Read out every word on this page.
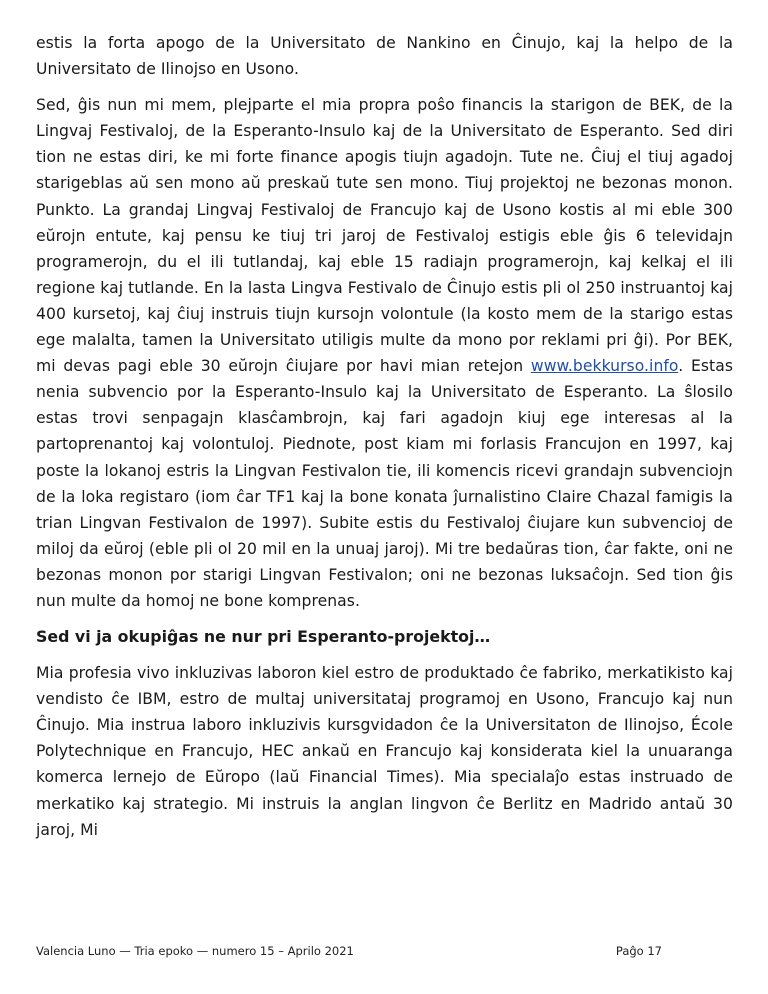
estis la forta apogo de la Universitato de Nankino en Ĉinujo, kaj la helpo de la Universitato de Ilinojso en Usono.

Sed, ĝis nun mi mem, plejparte el mia propra poŝo financis la starigon de BEK, de la Lingvaj Festivaloj, de la Esperanto-Insulo kaj de la Universitato de Esperanto. Sed diri tion ne estas diri, ke mi forte finance apogis tiujn agadojn. Tute ne. Ĉiuj el tiuj agadoj starigeblas aŭ sen mono aŭ preskaŭ tute sen mono. Tiuj projektoj ne bezonas monon. Punkto. La grandaj Lingvaj Festivaloj de Francujo kaj de Usono kostis al mi eble 300 eŭrojn entute, kaj pensu ke tiuj tri jaroj de Festivaloj estigis eble ĝis 6 televidajn programerojn, du el ili tutlandaj, kaj eble 15 radiajn programerojn, kaj kelkaj el ili regione kaj tutlande. En la lasta Lingva Festivalo de Ĉinujo estis pli ol 250 instruantoj kaj 400 kursetoj, kaj ĉiuj instruis tiujn kursojn volontule (la kosto mem de la starigo estas ege malalta, tamen la Universitato utiligis multe da mono por reklami pri ĝi). Por BEK, mi devas pagi eble 30 eŭrojn ĉiujare por havi mian retejon www.bekkurso.info. Estas nenia subvencio por la Esperanto-Insulo kaj la Universitato de Esperanto. La ŝlosilo estas trovi senpagajn klasĉambrojn, kaj fari agadojn kiuj ege interesas al la partoprenantoj kaj volontuloj. Piednote, post kiam mi forlasis Francujon en 1997, kaj poste la lokanoj estris la Lingvan Festivalon tie, ili komencis ricevi grandajn subvenciojn de la loka registaro (iom ĉar TF1 kaj la bone konata ĵurnalistino Claire Chazal famigis la trian Lingvan Festivalon de 1997). Subite estis du Festivaloj ĉiujare kun subvencioj de miloj da eŭroj (eble pli ol 20 mil en la unuaj jaroj). Mi tre bedaŭras tion, ĉar fakte, oni ne bezonas monon por starigi Lingvan Festivalon; oni ne bezonas luksaĉojn. Sed tion ĝis nun multe da homoj ne bone komprenas.

Sed vi ja okupiĝas ne nur pri Esperanto-projektoj…

Mia profesia vivo inkluzivas laboron kiel estro de produktado ĉe fabriko, merkatikisto kaj vendisto ĉe IBM, estro de multaj universitataj programoj en Usono, Francujo kaj nun Ĉinujo. Mia instrua laboro inkluzivis kursgvidadon ĉe la Universitaton de Ilinojso, École Polytechnique en Francujo, HEC ankaŭ en Francujo kaj konsiderata kiel la unuaranga komerca lernejo de Eŭropo (laŭ Financial Times). Mia specialaĵo estas instruado de merkatiko kaj strategio. Mi instruis la anglan lingvon ĉe Berlitz en Madrido antaŭ 30 jaroj, Mi

Valencia Luno — Tria epoko — numero 15 – Aprilo 2021	Paĝo 17
